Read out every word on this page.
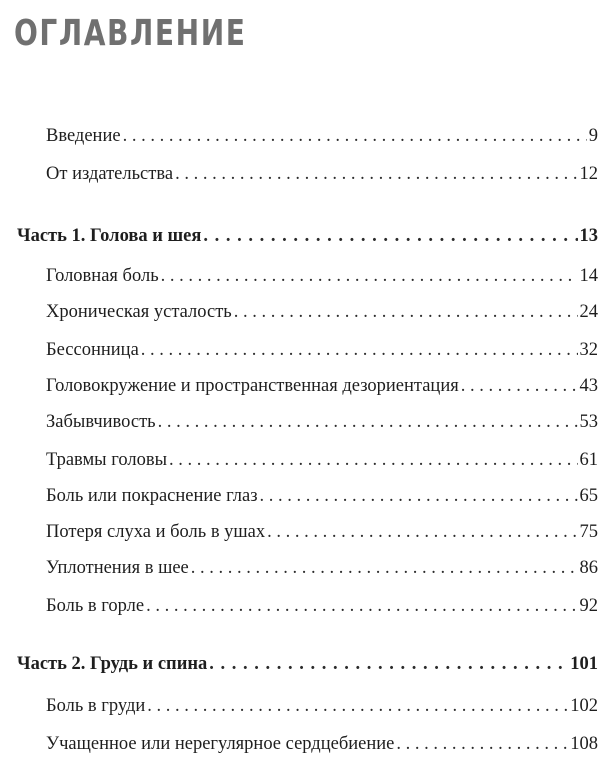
ОГЛАВЛЕНИЕ
Введение . . .	9
От издательства . . .	12
Часть 1. Голова и шея . . .	13
Головная боль . . .	14
Хроническая усталость . . .	24
Бессонница . . .	32
Головокружение и пространственная дезориентация . . .	43
Забывчивость . . .	53
Травмы головы . . .	61
Боль или покраснение глаз . . .	65
Потеря слуха и боль в ушах . . .	75
Уплотнения в шее . . .	86
Боль в горле . . .	92
Часть 2. Грудь и спина . . .	101
Боль в груди . . .	102
Учащенное или нерегулярное сердцебиение . . .	108
